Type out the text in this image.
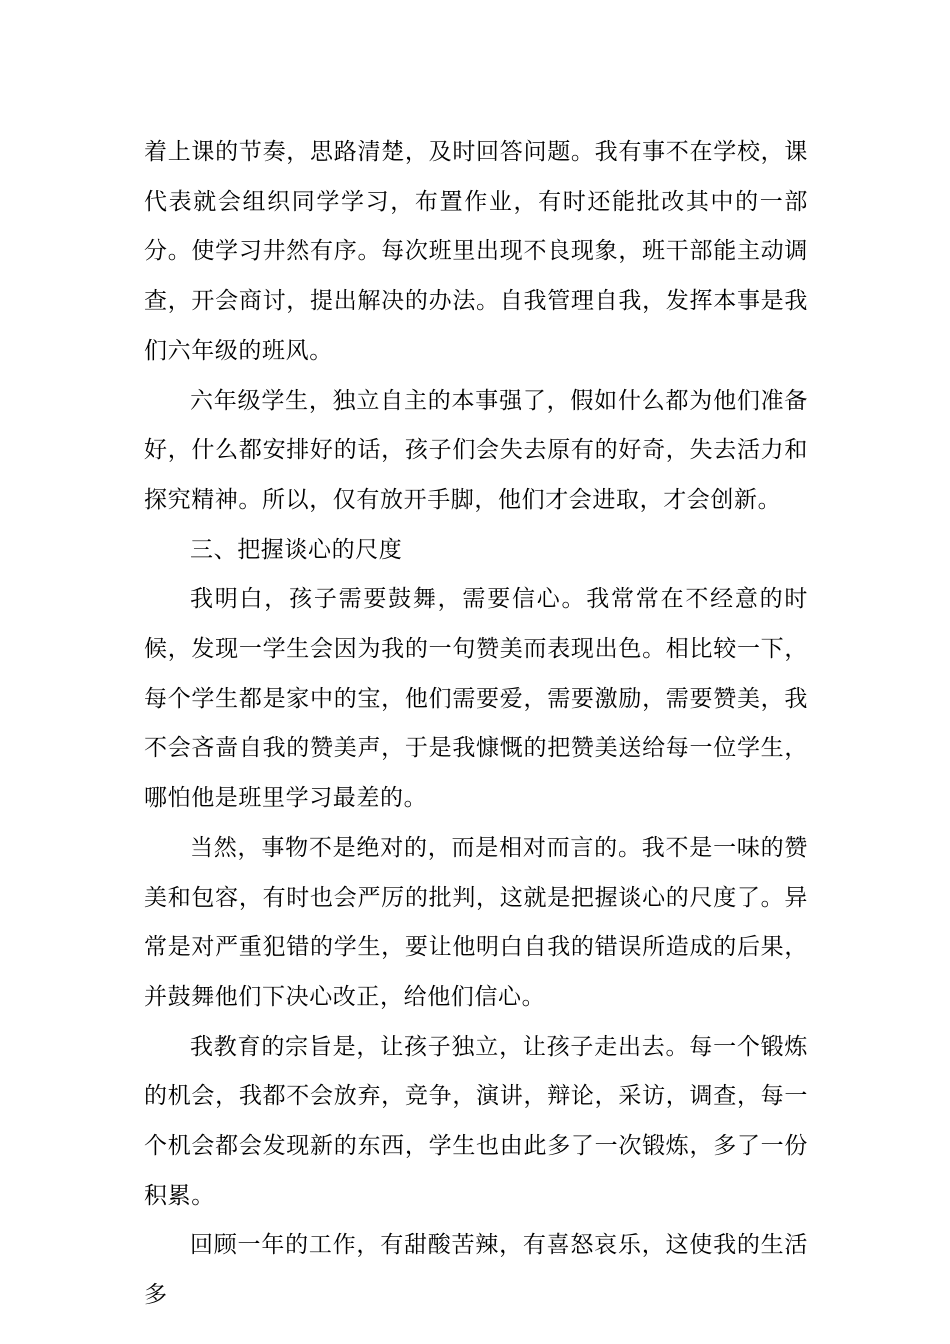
着上课的节奏，思路清楚，及时回答问题。我有事不在学校，课代表就会组织同学学习，布置作业，有时还能批改其中的一部分。使学习井然有序。每次班里出现不良现象，班干部能主动调查，开会商讨，提出解决的办法。自我管理自我，发挥本事是我们六年级的班风。

六年级学生，独立自主的本事强了，假如什么都为他们准备好，什么都安排好的话，孩子们会失去原有的好奇，失去活力和探究精神。所以，仅有放开手脚，他们才会进取，才会创新。

三、把握谈心的尺度

我明白，孩子需要鼓舞，需要信心。我常常在不经意的时候，发现一学生会因为我的一句赞美而表现出色。相比较一下，每个学生都是家中的宝，他们需要爱，需要激励，需要赞美，我不会吝啬自我的赞美声，于是我慷慨的把赞美送给每一位学生，哪怕他是班里学习最差的。

当然，事物不是绝对的，而是相对而言的。我不是一味的赞美和包容，有时也会严厉的批判，这就是把握谈心的尺度了。异常是对严重犯错的学生，要让他明白自我的错误所造成的后果，并鼓舞他们下决心改正，给他们信心。

我教育的宗旨是，让孩子独立，让孩子走出去。每一个锻炼的机会，我都不会放弃，竞争，演讲，辩论，采访，调查，每一个机会都会发现新的东西，学生也由此多了一次锻炼，多了一份积累。

回顾一年的工作，有甜酸苦辣，有喜怒哀乐，这使我的生活多
